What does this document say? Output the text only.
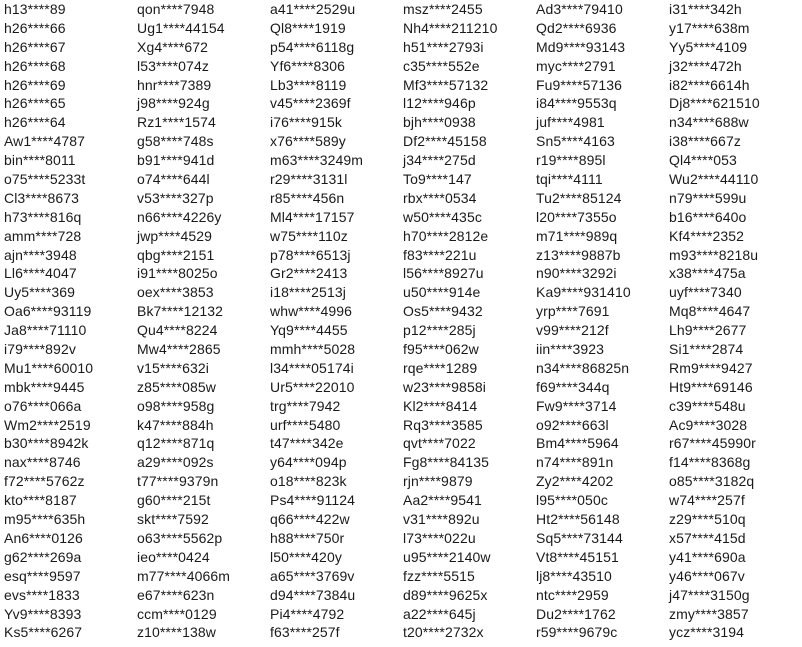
h13****89
h26****66
h26****67
h26****68
h26****69
h26****65
h26****64
Aw1****4787
bin****8011
o75****5233t
Cl3****8673
h73****816q
amm****728
ajn****3948
Ll6****4047
Uy5****369
Oa6****93119
Ja8****71110
i79****892v
Mu1****60010
mbk****9445
o76****066a
Wm2****2519
b30****8942k
nax****8746
f72****5762z
kto****8187
m95****635h
An6****0126
g62****269a
esq****9597
evs****1833
Yv9****8393
Ks5****6267
qon****7948
Ug1****44154
Xg4****672
l53****074z
hnr****7389
j98****924g
Rz1****1574
g58****748s
b91****941d
o74****644l
v53****327p
n66****4226y
jwp****4529
qbg****2151
i91****8025o
oex****3853
Bk7****12132
Qu4****8224
Mw4****2865
v15****632i
z85****085w
o98****958g
k47****884h
q12****871q
a29****092s
t77****9379n
g60****215t
skt****7592
o63****5562p
ieo****0424
m77****4066m
e67****623n
ccm****0129
z10****138w
a41****2529u
Ql8****1919
p54****6118g
Yf6****8306
Lb3****8119
v45****2369f
i76****915k
x76****589y
m63****3249m
r29****3131l
r85****456n
Ml4****17157
w75****110z
p78****6513j
Gr2****2413
i18****2513j
whw****4996
Yq9****4455
mmh****5028
l34****05174i
Ur5****22010
trg****7942
urf****5480
t47****342e
y64****094p
o18****823k
Ps4****91124
q66****422w
h88****750r
l50****420y
a65****3769v
d94****7384u
Pi4****4792
f63****257f
msz****2455
Nh4****211210
h51****2793i
c35****552e
Mf3****57132
l12****946p
bjh****0938
Df2****45158
j34****275d
To9****147
rbx****0534
w50****435c
h70****2812e
f83****221u
l56****8927u
u50****914e
Os5****9432
p12****285j
f95****062w
rqe****1289
w23****9858i
Kl2****8414
Rq3****3585
qvt****7022
Fg8****84135
rjn****9879
Aa2****9541
v31****892u
l73****022u
u95****2140w
fzz****5515
d89****9625x
a22****645j
t20****2732x
Ad3****79410
Qd2****6936
Md9****93143
myc****2791
Fu9****57136
i84****9553q
juf****4981
Sn5****4163
r19****895l
tqi****4111
Tu2****85124
l20****7355o
m71****989q
z13****9887b
n90****3292i
Ka9****931410
yrp****7691
v99****212f
iin****3923
n34****86825n
f69****344q
Fw9****3714
o92****663l
Bm4****5964
n74****891n
Zy2****4202
l95****050c
Ht2****56148
Sq5****73144
Vt8****45151
lj8****43510
ntc****2959
Du2****1762
r59****9679c
i31****342h
y17****638m
Yy5****4109
j32****472h
i82****6614h
Dj8****621510
n34****688w
i38****667z
Ql4****053
Wu2****44110
n79****599u
b16****640o
Kf4****2352
m93****8218u
x38****475a
uyf****7340
Mq8****4647
Lh9****2677
Si1****2874
Rm9****9427
Ht9****69146
c39****548u
Ac9****3028
r67****45990r
f14****8368g
o85****3182q
w74****257f
z29****510q
x57****415d
y41****690a
y46****067v
j47****3150g
zmy****3857
ycz****3194
